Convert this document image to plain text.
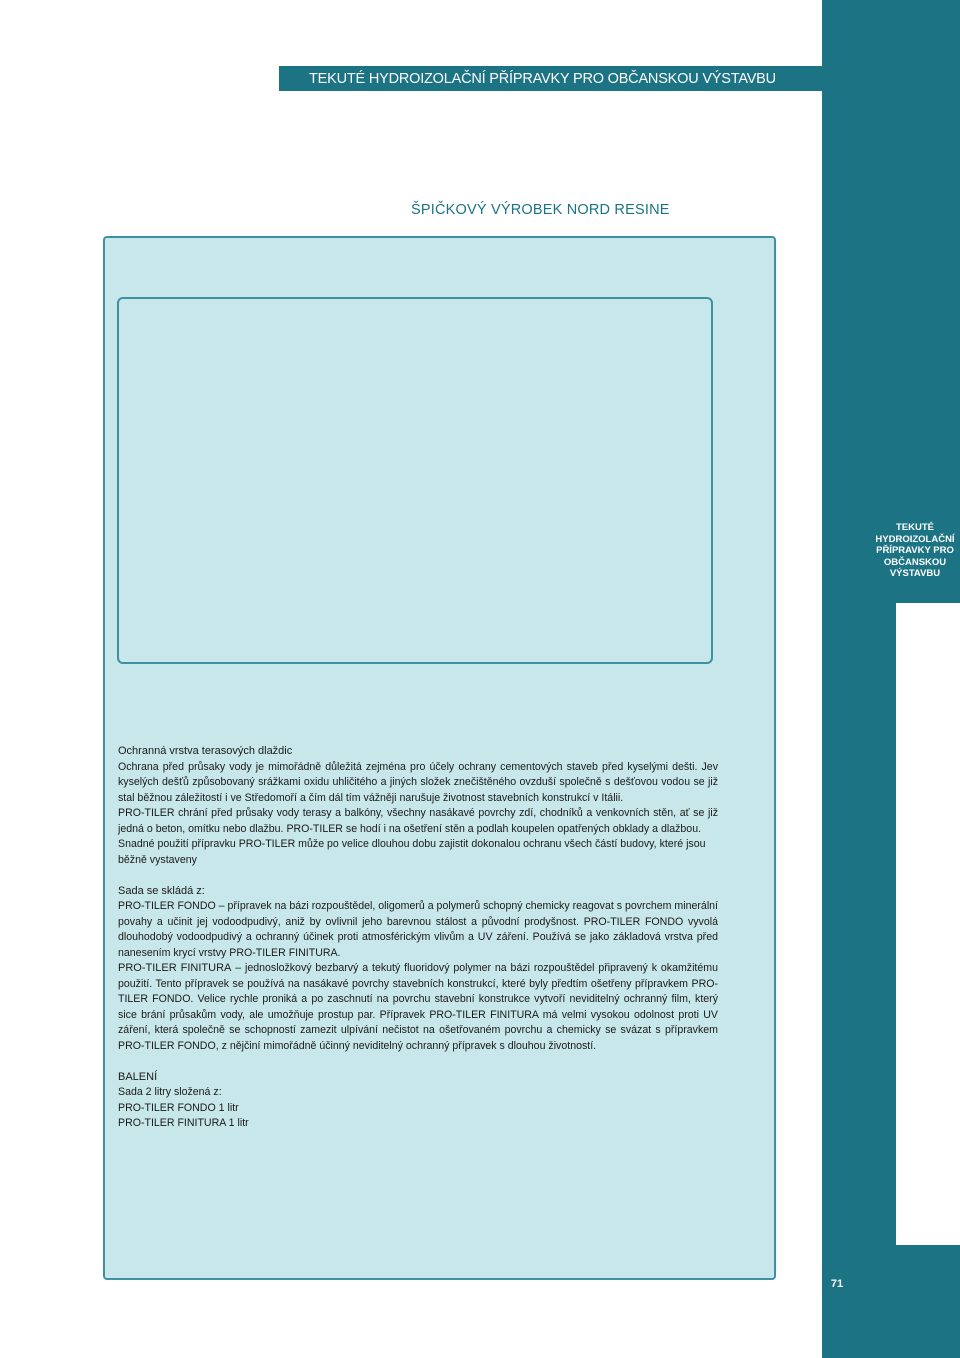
TEKUTÉ
HYDROIZOLAČNÍ
PŘÍPRAVKY PRO
OBČANSKOU
VÝSTAVBU
71
TEKUTÉ HYDROIZOLAČNÍ PŘÍPRAVKY PRO OBČANSKOU VÝSTAVBU
ŠPIČKOVÝ VÝROBEK NORD RESINE

Ochranná vrstva terasových dlaždic

Ochrana před průsaky vody je mimořádně důležitá zejména pro účely ochrany cementových staveb před kyselými dešti. Jev kyselých dešťů způsobovaný srážkami oxidu uhličitého a jiných složek znečištěného ovzduší společně s dešťovou vodou se již stal běžnou záležitostí i ve Středomoří a čím dál tím vážněji narušuje životnost stavebních konstrukcí v Itálii.

PRO-TILER chrání před průsaky vody terasy a balkóny, všechny nasákavé povrchy zdí, chodníků a venkovních stěn, ať se již jedná o beton, omítku nebo dlažbu. PRO-TILER se hodí i na ošetření stěn a podlah koupelen opatřených obklady a dlažbou.

Snadné použití přípravku PRO-TILER může po velice dlouhou dobu zajistit dokonalou ochranu všech částí budovy, které jsou běžně vystaveny

Sada se skládá z:

PRO-TILER FONDO – přípravek na bázi rozpouštědel, oligomerů a polymerů schopný chemicky reagovat s povrchem minerální povahy a učinit jej vodoodpudivý, aniž by ovlivnil jeho barevnou stálost a původní prodyšnost. PRO-TILER FONDO vyvolá dlouhodobý vodoodpudivý a ochranný účinek proti atmosférickým vlivům a UV záření. Používá se jako základová vrstva před nanesením krycí vrstvy PRO-TILER FINITURA.

PRO-TILER FINITURA – jednosložkový bezbarvý a tekutý fluoridový polymer na bázi rozpouštědel připravený k okamžitému použití. Tento přípravek se používá na nasákavé povrchy stavebních konstrukcí, které byly předtím ošetřeny přípravkem PRO-TILER FONDO. Velice rychle proniká a po zaschnutí na povrchu stavební konstrukce vytvoří neviditelný ochranný film, který sice brání průsakům vody, ale umožňuje prostup par. Přípravek PRO-TILER FINITURA má velmi vysokou odolnost proti UV záření, která společně se schopností zamezit ulpívání nečistot na ošetřovaném povrchu a chemicky se svázat s přípravkem PRO-TILER FONDO, z nějčiní mimořádně účinný neviditelný ochranný přípravek s dlouhou životností.

BALENÍ

Sada 2 litry složená z:

PRO-TILER FONDO 1 litr

PRO-TILER FINITURA 1 litr
